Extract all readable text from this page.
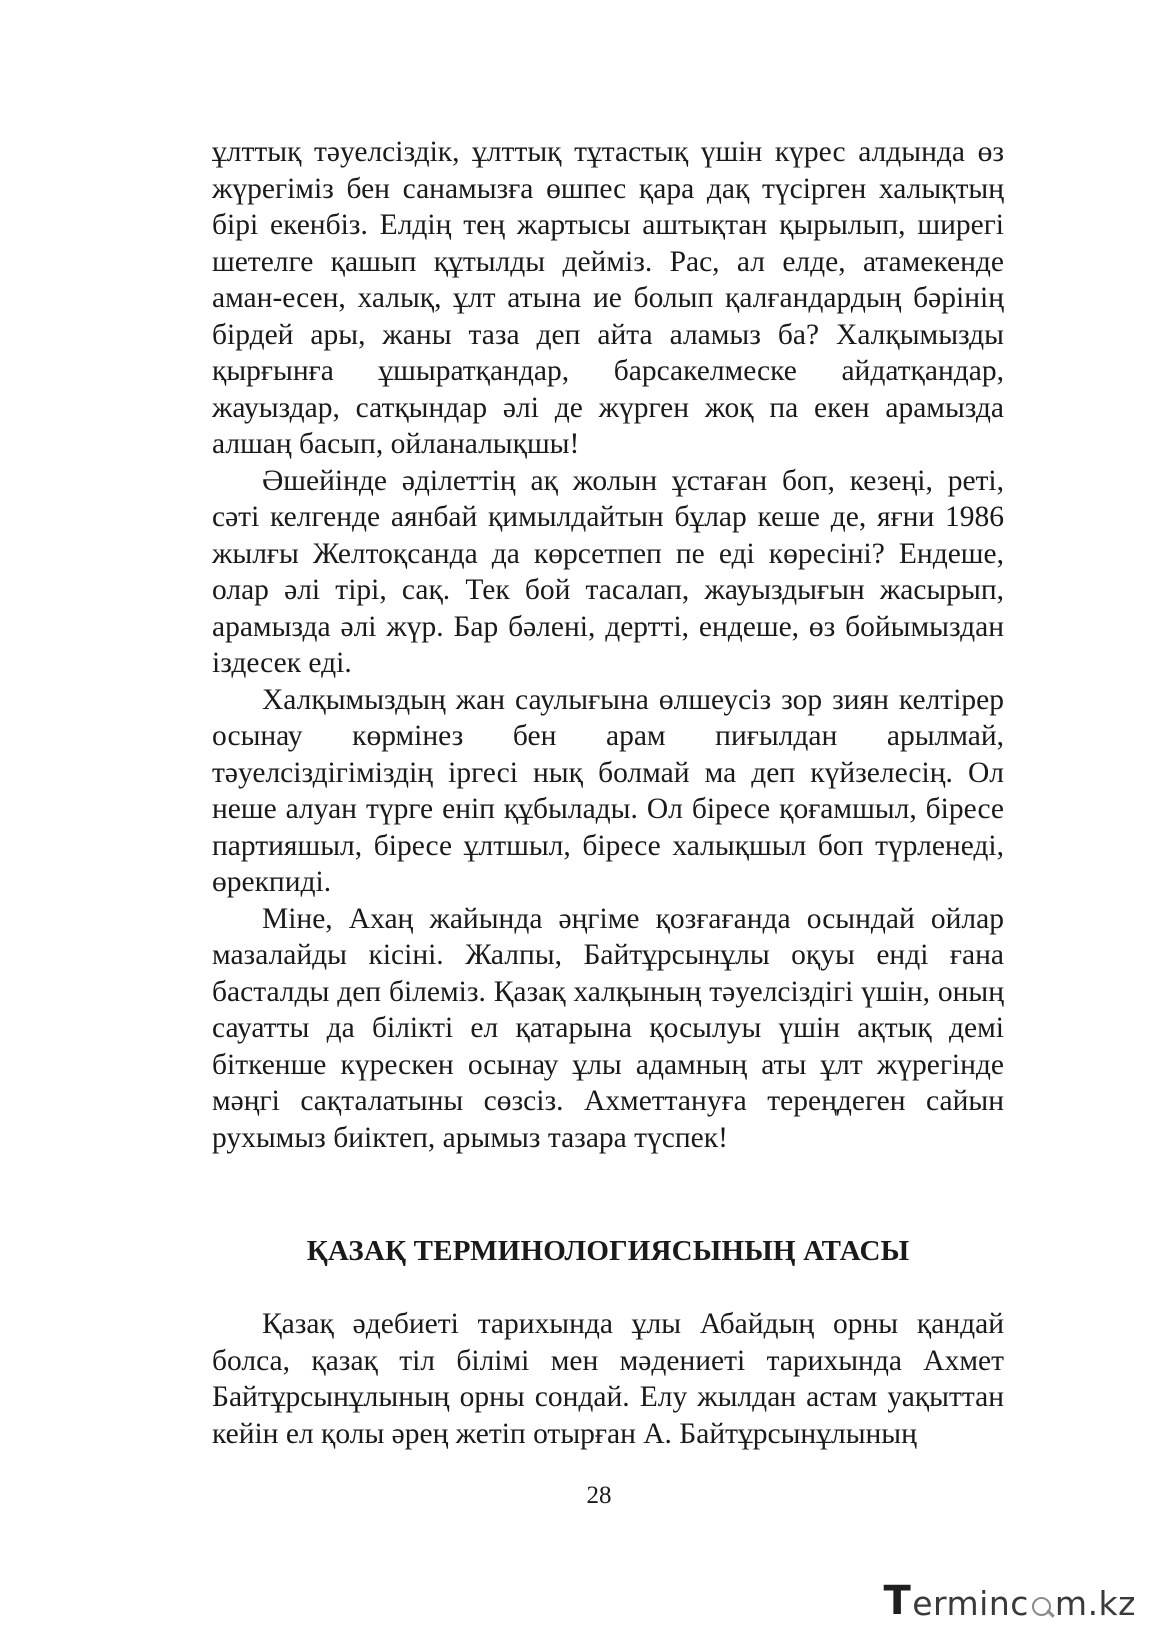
ұлттық тәуелсіздік, ұлттық тұтастық үшін күрес алдында өз жүрегіміз бен санамызға өшпес қара дақ түсірген халықтың бірі екенбіз. Елдің тең жартысы аштықтан қырылып, ширегі шетелге қашып құтылды дейміз. Рас, ал елде, атамекенде аман-есен, халық, ұлт атына ие болып қалғандардың бәрінің бірдей ары, жаны таза деп айта аламыз ба? Халқымызды қырғынға ұшыратқандар, барсакелмеске айдатқандар, жауыздар, сатқындар әлі де жүрген жоқ па екен арамызда алшаң басып, ойланалықшы!

Әшейінде әділеттің ақ жолын ұстаған боп, кезеңі, реті, сәті келгенде аянбай қимылдайтын бұлар кеше де, яғни 1986 жылғы Желтоқсанда да көрсетпеп пе еді көресіні? Ендеше, олар әлі тірі, сақ. Тек бой тасалап, жауыздығын жасырып, арамызда әлі жүр. Бар бәлені, дертті, ендеше, өз бойымыздан іздесек еді.

Халқымыздың жан саулығына өлшеусіз зор зиян келтірер осынау көрмінез бен арам пиғылдан арылмай, тәуелсіздігіміздің іргесі нық болмай ма деп күйзелесің. Ол неше алуан түрге еніп құбылады. Ол біресе қоғамшыл, біресе партияшыл, біресе ұлтшыл, біресе халықшыл боп түрленеді, өрекпиді.

Міне, Ахаң жайында әңгіме қозғағанда осындай ойлар мазалайды кісіні. Жалпы, Байтұрсынұлы оқуы енді ғана басталды деп білеміз. Қазақ халқының тәуелсіздігі үшін, оның сауатты да білікті ел қатарына қосылуы үшін ақтық демі біткенше күрескен осынау ұлы адамның аты ұлт жүрегінде мәңгі сақталатыны сөзсіз. Ахметтануға тереңдеген сайын рухымыз биіктеп, арымыз тазара түспек!

ҚАЗАҚ ТЕРМИНОЛОГИЯСЫНЫҢ АТАСЫ

Қазақ әдебиеті тарихында ұлы Абайдың орны қандай болса, қазақ тіл білімі мен мәдениеті тарихында Ахмет Байтұрсынұлының орны сондай. Елу жылдан астам уақыттан кейін ел қолы әрең жетіп отырған А. Байтұрсынұлының

28
T erminc m.kz
